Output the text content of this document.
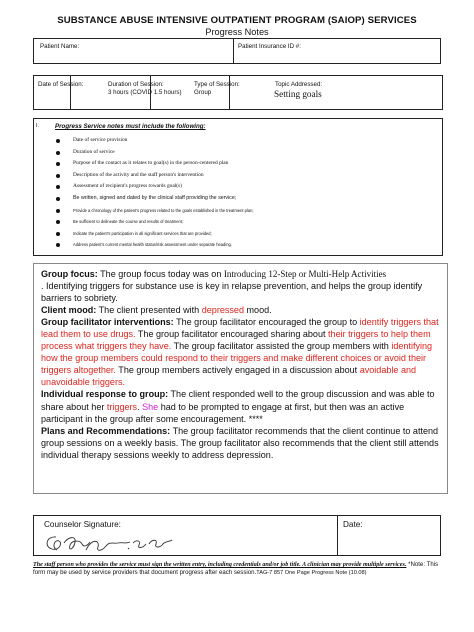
SUBSTANCE ABUSE INTENSIVE OUTPATIENT PROGRAM (SAIOP) SERVICES
Progress Notes
Patient Name:	Patient Insurance ID #:
Date of Session:	Duration of Session:
3 hours (COVID 1.5 hours)
Type of Session:
Group
Topic Addressed:
Setting goals
I.	Progress Service notes must include the following:
Date of service provision
Duration of service
Purpose of the contact as it relates to goal(s) in the person-centered plan
Description of the activity and the staff person's intervention
Assessment of recipient's progress towards goal(s)
Be written, signed and dated by the clinical staff providing the service;
Provide a chronology of the patient's progress related to the goals established in the treatment plan;
Be sufficient to delineate the course and results of treatment;
Indicate the patient's participation in all significant services that are provided;
Address patient's current mental health status/risk assessment under separate heading.

Group focus: The group focus today was on Introducing 12-Step or Multi-Help Activities
. Identifying triggers for substance use is key in relapse prevention, and helps the group identify barriers to sobriety.

Client mood: The client presented with depressed mood.

Group facilitator interventions: The group facilitator encouraged the group to identify triggers that lead them to use drugs. The group facilitator encouraged sharing about their triggers to help them process what triggers they have. The group facilitator assisted the group members with identifying how the group members could respond to their triggers and make different choices or avoid their triggers altogether. The group members actively engaged in a discussion about avoidable and unavoidable triggers.

Individual response to group: The client responded well to the group discussion and was able to share about her triggers. She had to be prompted to engage at first, but then was an active participant in the group after some encouragement. ****

Plans and Recommendations: The group facilitator recommends that the client continue to attend group sessions on a weekly basis. The group facilitator also recommends that the client still attends individual therapy sessions weekly to address depression.

Counselor Signature:	Date:
The staff person who provides the service must sign the written entry, including credentials and/or job title. A clinician may provide multiple services. *Note: This form may be used by service providers that document progress after each session.TAG-7 857 One Page Progress Note (10.08)
